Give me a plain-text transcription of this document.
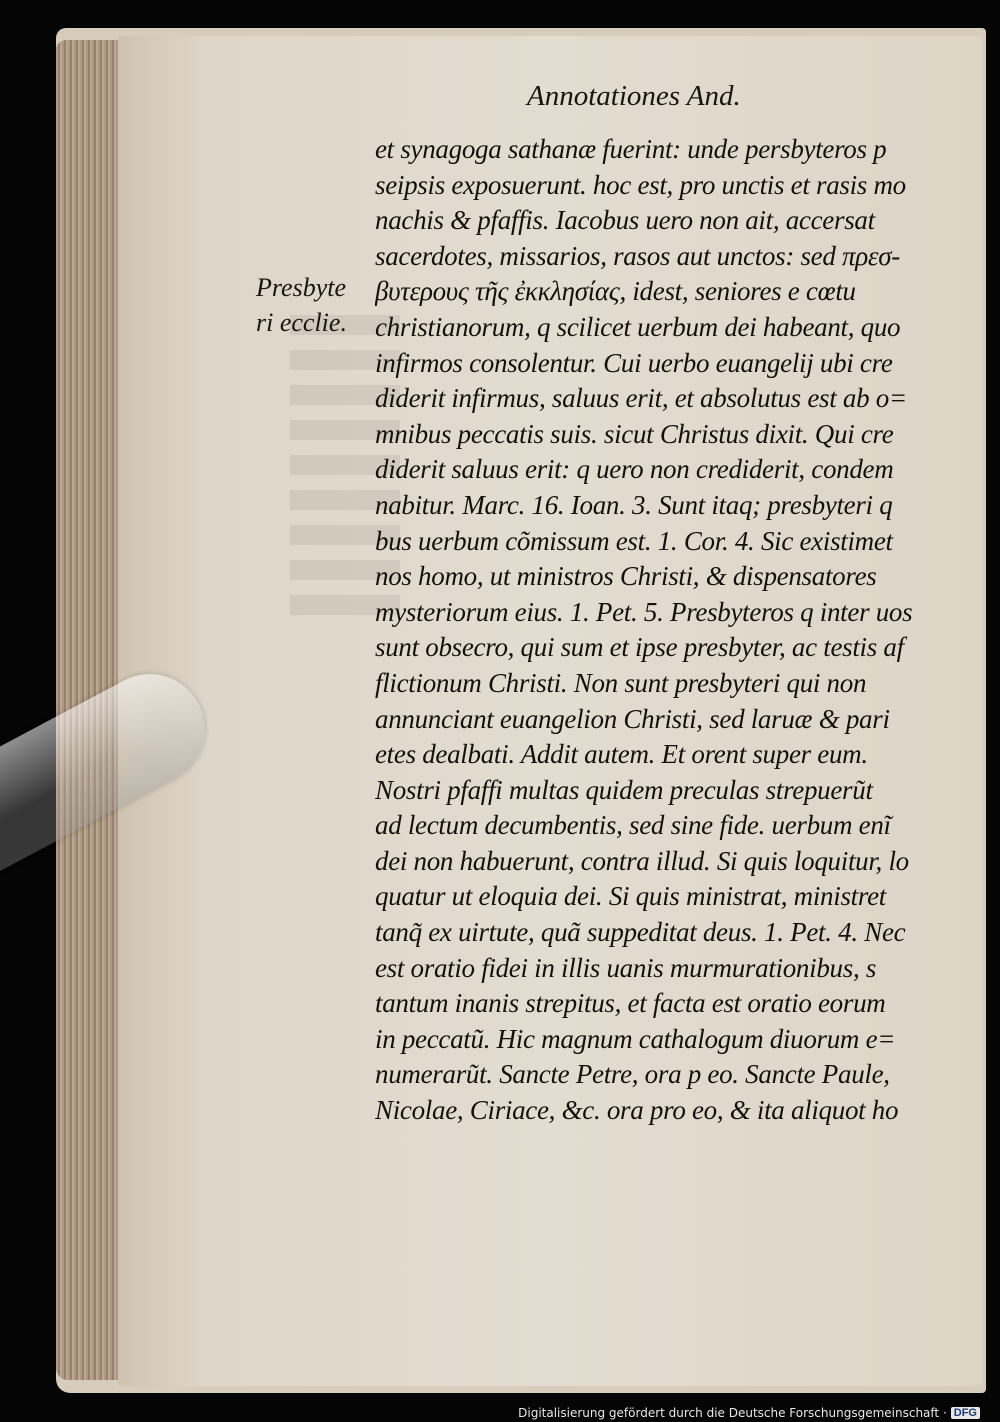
Annotationes And.
Presbyte
ri ecclie.
et synagoga sathanæ fuerint: unde persbyteros p
seipsis exposuerunt. hoc est, pro unctis et rasis mo
nachis & pfaffis. Iacobus uero non ait, accersat
sacerdotes, missarios, rasos aut unctos: sed πρεσ-
βυτερους τῆς ἐκκλησίας, idest, seniores e cœtu
christianorum, q scilicet uerbum dei habeant, quo
infirmos consolentur. Cui uerbo euangelij ubi cre
diderit infirmus, saluus erit, et absolutus est ab o=
mnibus peccatis suis. sicut Christus dixit. Qui cre
diderit saluus erit: q uero non crediderit, condem
nabitur. Marc. 16. Ioan. 3. Sunt itaq; presbyteri q
bus uerbum cõmissum est. 1. Cor. 4. Sic existimet
nos homo, ut ministros Christi, & dispensatores
mysteriorum eius. 1. Pet. 5. Presbyteros q inter uos
sunt obsecro, qui sum et ipse presbyter, ac testis af
flictionum Christi. Non sunt presbyteri qui non
annunciant euangelion Christi, sed laruæ & pari
etes dealbati. Addit autem. Et orent super eum.
Nostri pfaffi multas quidem preculas strepuerũt
ad lectum decumbentis, sed sine fide. uerbum enĩ
dei non habuerunt, contra illud. Si quis loquitur, lo
quatur ut eloquia dei. Si quis ministrat, ministret
tanq̃ ex uirtute, quã suppeditat deus. 1. Pet. 4. Nec
est oratio fidei in illis uanis murmurationibus, s
tantum inanis strepitus, et facta est oratio eorum
in peccatũ. Hic magnum cathalogum diuorum e=
numerarũt. Sancte Petre, ora p eo. Sancte Paule,
Nicolae, Ciriace, &c. ora pro eo, & ita aliquot ho
Digitalisierung gefördert durch die Deutsche Forschungsgemeinschaft · DFG
